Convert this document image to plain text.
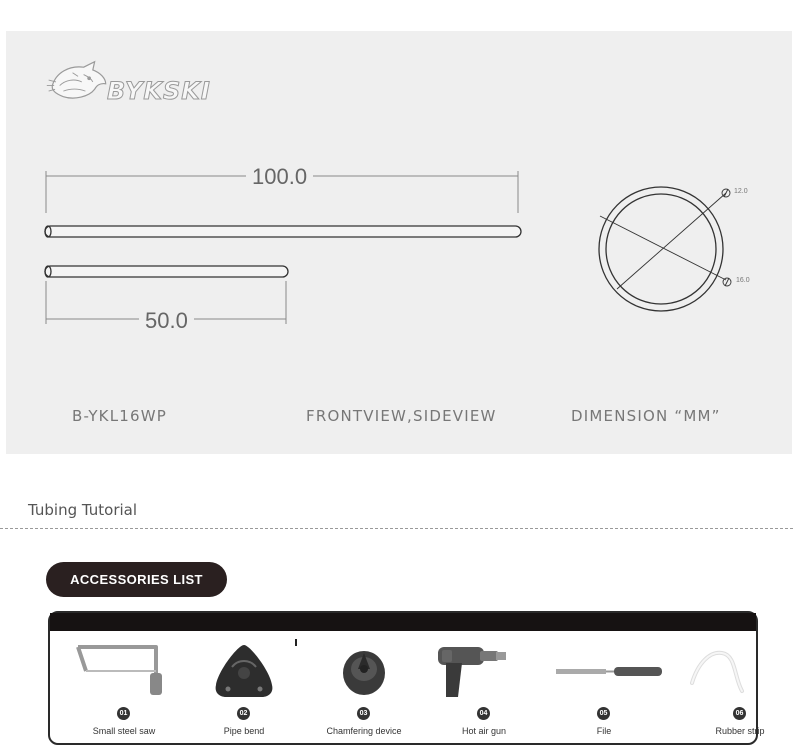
BYKSKI
100.0
50.0
12.0
16.0
B-YKL16WP	FRONTVIEW,SIDEVIEW	DIMENSION “MM”
Tubing Tutorial
ACCESSORIES LIST
01
Small steel saw
02
Pipe bend
03
Chamfering device
04
Hot air gun
05
File
06
Rubber strip
